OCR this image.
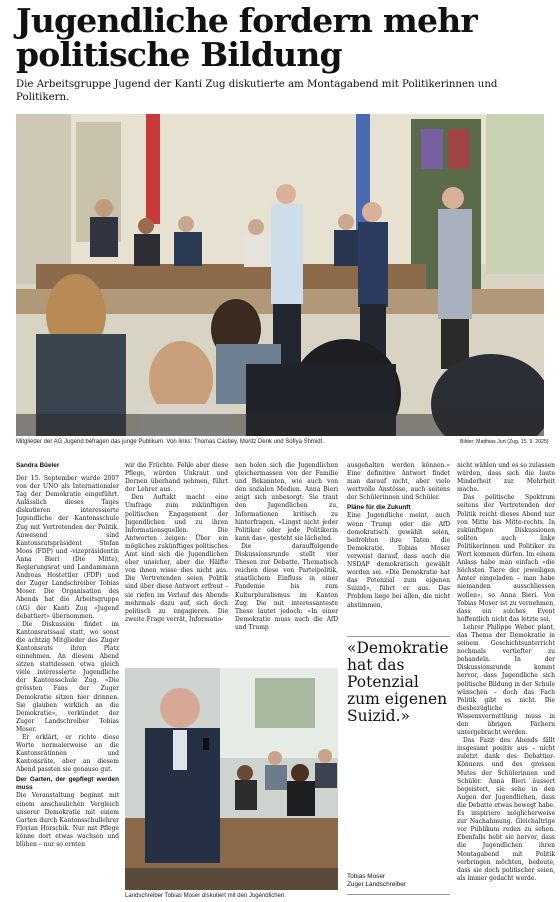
Jugendliche fordern mehr politische Bildung

Die Arbeitsgruppe Jugend der Kanti Zug diskutierte am Montagabend mit Politikerinnen und Politikern.

Mitglieder der AG Jugend befragen das junge Publikum. Von links: Thomas Castley, Moritz Denk und Sofiya Shmidt.	Bilder: Matthias Jurt (Zug, 15. 9. 2025)
Sandra Büeler

Der 15. September wurde 2007 von der UNO als Internationaler Tag der Demokratie eingeführt. Anlässlich dieses Tages diskutieren interessierte Jugendliche der Kantonsschule Zug mit Vertretenden der Politik. Anwesend sind Kantonsratspräsident Stefan Moos (FDP) und -vizepräsidentin Anna Bieri (Die Mitte), Regierungsrat und Landammann Andreas Hostettler (FDP) und der Zuger Landschreiber Tobias Moser. Die Organisation des Abends hat die Arbeitsgruppe (AG) der Kanti Zug «Jugend debattiert» übernommen.

Die Diskussion findet im Kantonsratssaal statt, wo sonst die achtzig Mitglieder des Zuger Kantonsrats ihren Platz einnehmen. An diesem Abend sitzen stattdessen etwa gleich viele interessierte Jugendliche der Kantonsschule Zug. «Die grössten Fans der Zuger Demokratie sitzen hier drinnen. Sie glauben wirklich an die Demokratie», verkündet der Zuger Landschreiber Tobias Moser.

Er erklärt, er richte diese Worte normalerweise an die Kantonsrätinnen und Kantonsräte, aber an diesem Abend passten sie genauso gut.

Der Garten, der gepflegt werden muss

Die Veranstaltung beginnt mit einem anschaulichen Vergleich unserer Demokratie mit einem Garten durch Kantonsschullehrer Florian Horschik. Nur mit Pflege könne dort etwas wachsen und blühen – nur so ernten

wir die Früchte. Fehle aber diese Pflege, würden Unkraut und Dornen überhand nehmen, führt der Lehrer aus.

Den Auftakt macht eine Umfrage zum zukünftigen politischen Engagement der Jugendlichen und zu ihren Informationsquellen. Die Antworten zeigen: Über ein mögliches zukünftiges politisches Amt sind sich die Jugendlichen eher unsicher, aber die Hälfte von ihnen wisse dies nicht aus. Die Vertretenden seien Politik sind über diese Antwort erfreut – sie riefen im Verlauf des Abends mehrmals dazu auf, sich doch politisch zu engagieren. Die zweite Frage verrät, Informatio-

nen holen sich die Jugendlichen gleichermassen von der Familie und Bekannten, wie auch von den sozialen Medien. Anna Bieri zeigt sich unbesorgt: Sie traut den Jugendlichen zu, Informationen kritisch zu hinterfragen. «Lingst nicht jeder Politiker oder jede Politikerin kann das», gesteht sie lächelnd.

Die darauffolgende Diskussionsrunde stellt vier Thesen zur Debatte. Thematisch reichen diese von Parteipolitik, staatlichem Einfluss in einer Pandemie bis zum Kulturpluralismus im Kanton Zug. Die mit interessanteste These lautet jedoch: «In einer Demokratie muss auch die AfD und Trump

ausgehalten werden können.» Eine definitive Antwort findet man darauf nicht, aber viele wertvolle Anstösse, auch seitens der Schülerinnen und Schüler.

Pläne für die Zukunft

Eine Jugendliche meint, auch wenn Trump oder die AfD demokratisch gewählt seien, bedrohten ihre Taten die Demokratie. Tobias Moser verweist darauf, dass auch die NSDAP demokratisch gewählt worden sei. «Die Demokratie hat das Potenzial zum eigenen Suizid», führt er aus. Das Problem liege bei allen, die nicht abstimmen,

nicht wählen und es so zulassen würden, dass sich die laute Minderheit zur Mehrheit mache.

Das politische Spektrum seitens der Vertretenden der Politik reicht dieses Abend nur von Mitte bis Mitte-rechts. In zukünftigen Diskussionen sollten auch linke Politikerinnen und Politiker zu Wort kommen dürfen. Im einem Anlass habe man einfach «die höchsten Tiere der jeweiligen Ämter eingeladen – man habe niemanden ausschliessen wollen», so Anna Bieri. Von Tobias Moser ist zu vernehmen, dass ein solches Event hoffentlich nicht das letzte sei.

Lehrer Philippe Weber plant, das Thema der Demokratie in seinem Geschichtsunterricht nochmals vertiefter zu behandeln. In der Diskussionsrunde kommt hervor, dass Jugendliche sich politische Bildung in der Schule wünschen – doch das Fach Politik gibt es nicht. Die diesbezügliche Wissensvermittlung muss in den übrigen Fächern untergebracht werden.

Das Fazit des Abends fällt insgesamt positiv aus – nicht zuletzt dank des Debattier-Könnens und des grossen Mutes der Schülerinnen und Schüler. Anna Bieri äussert begeistert, sie sehe in den Augen der Jugendlichen, dass die Debatte etwas bewegt habe. Es inspiriere möglicherweise zur Nachahmung. Gleichaltrige vor Publikum reden zu sehen. Ebenfalls hebt sie hervor, dass die Jugendlichen ihren Montagabend mit Politik verbringen möchten, bedeute, dass sie doch politischer seien, als immer gedacht werde.

Landschreiber Tobias Moser diskutiert mit den Jugendlichen.
«Demokratie hat das Potenzial zum eigenen Suizid.»
Tobias Moser
Zuger Landschreiber
